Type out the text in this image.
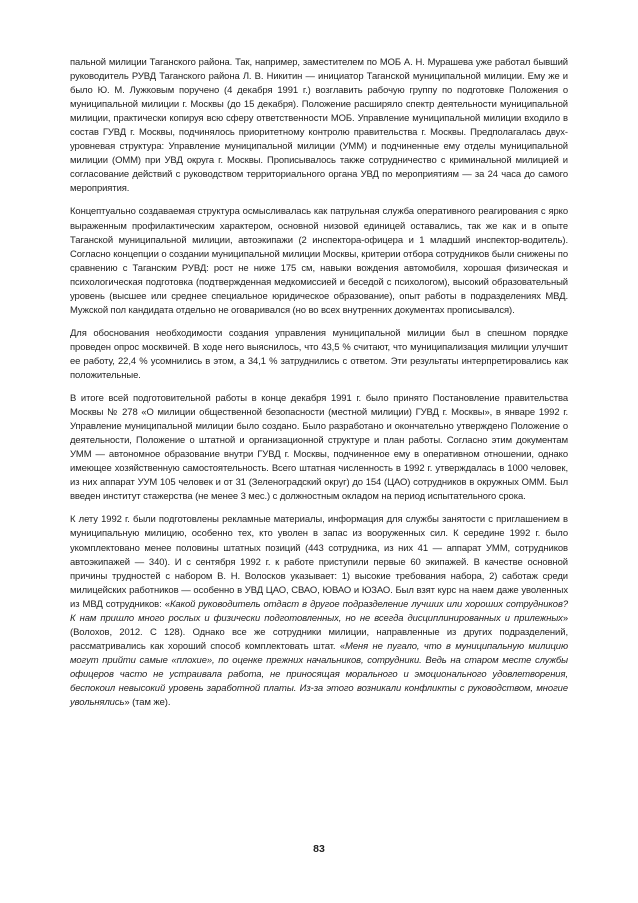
пальной милиции Таганского района. Так, например, заместителем по МОБ А. Н. Мурашева уже работал бывший руководитель РУВД Таганского района Л. В. Никитин — инициатор Таганской муниципальной милиции. Ему же и было Ю. М. Лужковым поручено (4 декабря 1991 г.) возглавить рабочую группу по подготовке Положения о муниципальной милиции г. Москвы (до 15 декабря). Положение расширяло спектр деятельности муниципальной милиции, практически копируя всю сферу ответственности МОБ. Управление муниципальной милиции входило в состав ГУВД г. Москвы, подчинялось приоритетному контролю правительства г. Москвы. Предполагалась двухуровневая структура: Управление муниципальной милиции (УММ) и подчиненные ему отделы муниципальной милиции (ОММ) при УВД округа г. Москвы. Прописывалось также сотрудничество с криминальной милицией и согласование действий с руководством территориального органа УВД по мероприятиям — за 24 часа до самого мероприятия.

Концептуально создаваемая структура осмысливалась как патрульная служба оперативного реагирования с ярко выраженным профилактическим характером, основной низовой единицей оставались, так же как и в опыте Таганской муниципальной милиции, автоэкипажи (2 инспектора-офицера и 1 младший инспектор-водитель). Согласно концепции о создании муниципальной милиции Москвы, критерии отбора сотрудников были снижены по сравнению с Таганским РУВД: рост не ниже 175 см, навыки вождения автомобиля, хорошая физическая и психологическая подготовка (подтвержденная медкомиссией и беседой с психологом), высокий образовательный уровень (высшее или среднее специальное юридическое образование), опыт работы в подразделениях МВД. Мужской пол кандидата отдельно не оговаривался (но во всех внутренних документах прописывался).

Для обоснования необходимости создания управления муниципальной милиции был в спешном порядке проведен опрос москвичей. В ходе него выяснилось, что 43,5 % считают, что муниципализация милиции улучшит ее работу, 22,4 % усомнились в этом, а 34,1 % затруднились с ответом. Эти результаты интерпретировались как положительные.

В итоге всей подготовительной работы в конце декабря 1991 г. было принято Постановление правительства Москвы № 278 «О милиции общественной безопасности (местной милиции) ГУВД г. Москвы», в январе 1992 г. Управление муниципальной милиции было создано. Было разработано и окончательно утверждено Положение о деятельности, Положение о штатной и организационной структуре и план работы. Согласно этим документам УММ — автономное образование внутри ГУВД г. Москвы, подчиненное ему в оперативном отношении, однако имеющее хозяйственную самостоятельность. Всего штатная численность в 1992 г. утверждалась в 1000 человек, из них аппарат УУМ 105 человек и от 31 (Зеленоградский округ) до 154 (ЦАО) сотрудников в окружных ОММ. Был введен институт стажерства (не менее 3 мес.) с должностным окладом на период испытательного срока.

К лету 1992 г. были подготовлены рекламные материалы, информация для службы занятости с приглашением в муниципальную милицию, особенно тех, кто уволен в запас из вооруженных сил. К середине 1992 г. было укомплектовано менее половины штатных позиций (443 сотрудника, из них 41 — аппарат УММ, сотрудников автоэкипажей — 340). И с сентября 1992 г. к работе приступили первые 60 экипажей. В качестве основной причины трудностей с набором В. Н. Волосков указывает: 1) высокие требования набора, 2) саботаж среди милицейских работников — особенно в УВД ЦАО, СВАО, ЮВАО и ЮЗАО. Был взят курс на наем даже уволенных из МВД сотрудников: «Какой руководитель отдаст в другое подразделение лучших или хороших сотрудников? К нам пришло много рослых и физически подготовленных, но не всегда дисциплинированных и прилежных» (Волохов, 2012. С 128). Однако все же сотрудники милиции, направленные из других подразделений, рассматривались как хороший способ комплектовать штат. «Меня не пугало, что в муниципальную милицию могут прийти самые «плохие», по оценке прежних начальников, сотрудники. Ведь на старом месте службы офицеров часто не устраивала работа, не приносящая морального и эмоционального удовлетворения, беспокоил невысокий уровень заработной платы. Из-за этого возникали конфликты с руководством, многие увольнялись» (там же).

83
